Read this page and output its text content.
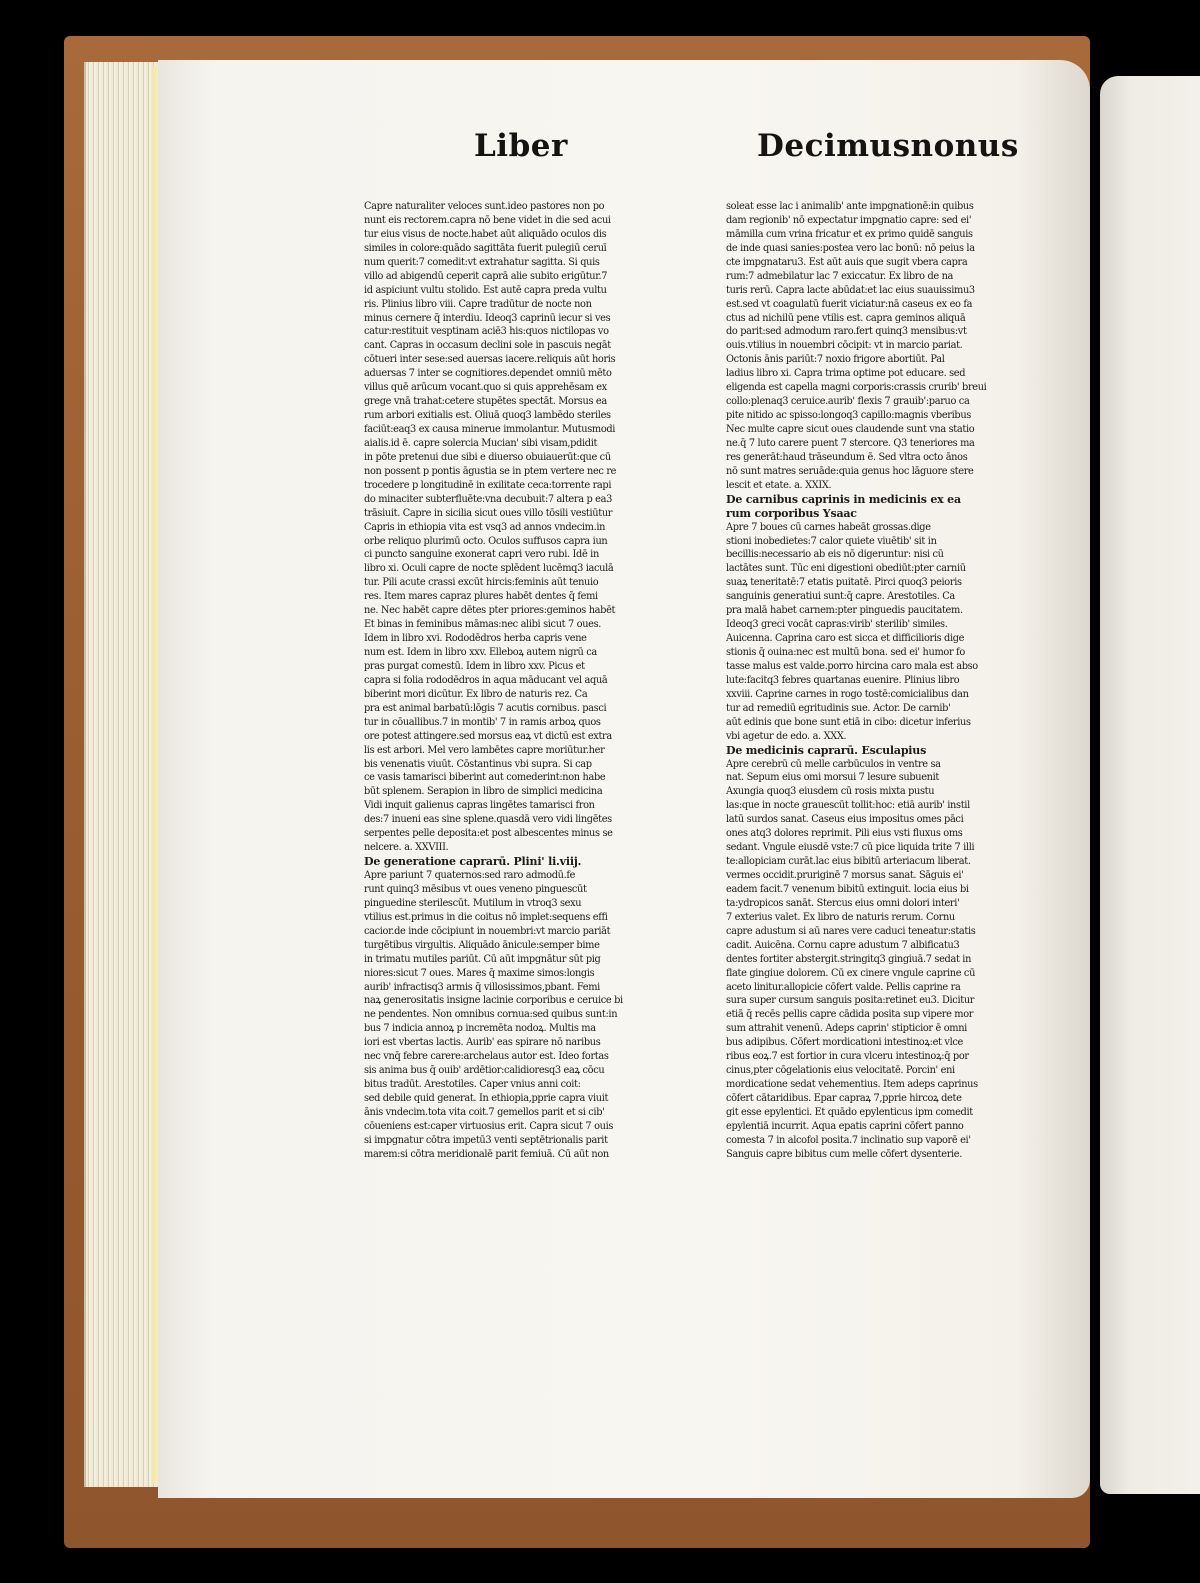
Liber	Decimusnonus
Capre naturaliter veloces sunt.ideo pastores non po
nunt eis rectorem.capra nō bene videt in die sed acui
tur eius visus de nocte.habet aūt aliquādo oculos dis
similes in colore:quādo sagittāta fuerit pulegiū ceruī
num querit:7 comedit:vt extrahatur sagitta. Si quis
villo ad abigendū ceperit caprā alie subito erigūtur.7
id aspiciunt vultu stolido. Est autē capra preda vultu
ris. Plinius libro viii. Capre tradūtur de nocte non
minus cernere q̄ interdiu. Ideoq3 caprinū iecur si ves
catur:restituit vesptinam aciē3 his:quos nictilopas vo
cant. Capras in occasum declini sole in pascuis negāt
cōtueri inter sese:sed auersas iacere.reliquis aūt horis
aduersas 7 inter se cognitiores.dependet omniū mēto
villus quē arūcum vocant.quo si quis apprehēsam ex
grege vnā trahat:cetere stupētes spectāt. Morsus ea
rum arbori exitialis est. Oliuā quoq3 lambēdo steriles
faciūt:eaq3 ex causa minerue immolantur. Mutusmodi
aialis.id ē. capre solercia Mucian' sibi visam,pdidit
in pōte pretenui due sibi e diuerso obuiauerūt:que cū
non possent p pontis āgustia se in ptem vertere nec re
trocedere p longitudinē in exilitate ceca:torrente rapi
do minaciter subterfluēte:vna decubuit:7 altera p ea3
trāsiuit. Capre in sicilia sicut oues villo tōsili vestiūtur
Capris in ethiopia vita est vsq3 ad annos vndecim.in
orbe reliquo plurimū octo. Oculos suffusos capra iun
ci puncto sanguine exonerat capri vero rubi. Idē in
libro xi. Oculi capre de nocte splēdent lucēmq3 iaculā
tur. Pili acute crassi excūt hircis:feminis aūt tenuio
res. Item mares capraz plures habēt dentes q̄ femi
ne. Nec habēt capre dētes pter priores:geminos habēt
Et binas in feminibus māmas:nec alibi sicut 7 oues.
Idem in libro xvi. Rododēdros herba capris vene
num est. Idem in libro xxv. Elleboꝝ autem nigrū ca
pras purgat comestū. Idem in libro xxv. Picus et
capra si folia rododēdros in aqua māducant vel aquā
biberint mori dicūtur. Ex libro de naturis rez. Ca
pra est animal barbatū:lōgis 7 acutis cornibus. pasci
tur in cōuallibus.7 in montib' 7 in ramis arboꝝ quos
ore potest attingere.sed morsus eaꝝ vt dictū est extra
lis est arbori. Mel vero lambētes capre moriūtur.her
bis venenatis viuūt. Cōstantinus vbi supra. Si cap
ce vasis tamarisci biberint aut comederint:non habe
būt splenem. Serapion in libro de simplici medicina
Vidi inquit galienus capras lingētes tamarisci fron
des:7 inueni eas sine splene.quasdā vero vidi lingētes
serpentes pelle deposita:et post albescentes minus se
nelcere. a. XXVIII.
De generatione caprarū. Plini' li.viij.
Apre pariunt 7 quaternos:sed raro admodū.fe
runt quinq3 mēsibus vt oues veneno pinguescūt
pinguedine sterilescūt. Mutilum in vtroq3 sexu
vtilius est.primus in die coitus nō implet:sequens effi
cacior.de inde cōcipiunt in nouembri:vt marcio pariāt
turgētibus virgultis. Aliquādo ānicule:semper bime
in trimatu mutiles pariūt. Cū aūt impgnātur sūt pig
niores:sicut 7 oues. Mares q̄ maxime simos:longis
aurib' infractisq3 armis q̄ villosissimos,pbant. Femi
naꝝ generositatis insigne lacinie corporibus e ceruice bi
ne pendentes. Non omnibus cornua:sed quibus sunt:in
bus 7 indicia annoꝝ p incremēta nodoꝝ. Multis ma
iori est vbertas lactis. Aurib' eas spirare nō naribus
nec vnq̄ febre carere:archelaus autor est. Ideo fortas
sis anima bus q̄ ouib' ardētior:calidioresq3 eaꝝ cōcu
bitus tradūt. Arestotiles. Caper vnius anni coit:
sed debile quid generat. In ethiopia,pprie capra viuit
ānis vndecim.tota vita coit.7 gemellos parit et si cib'
cōueniens est:caper virtuosius erit. Capra sicut 7 ouis
si impgnatur cōtra impetū3 venti septētrionalis parit
marem:si cōtra meridionalē parit femiuā. Cū aūt non
soleat esse lac i animalib' ante impgnationē:in quibus
dam regionib' nō expectatur impgnatio capre: sed ei'
māmilla cum vrina fricatur et ex primo quidē sanguis
de inde quasi sanies:postea vero lac bonū: nō peius la
cte impgnataru3. Est aūt auis que sugit vbera capra
rum:7 admebilatur lac 7 exiccatur. Ex libro de na
turis rerū. Capra lacte abūdat:et lac eius suauissimu3
est.sed vt coagulatū fuerit viciatur:nā caseus ex eo fa
ctus ad nichilū pene vtilis est. capra geminos aliquā
do parit:sed admodum raro.fert quinq3 mensibus:vt
ouis.vtilius in nouembri cōcipit: vt in marcio pariat.
Octonis ānis pariūt:7 noxio frigore abortiūt. Pal
ladius libro xi. Capra trima optime pot educare. sed
eligenda est capella magni corporis:crassis crurib' breui
collo:plenaq3 ceruice.aurib' flexis 7 grauib':paruo ca
pite nitido ac spisso:longoq3 capillo:magnis vberibus
Nec multe capre sicut oues claudende sunt vna statio
ne.q̄ 7 luto carere puent 7 stercore. Q3 teneriores ma
res generāt:haud trāseundum ē. Sed vltra octo ānos
nō sunt matres seruāde:quia genus hoc lāguore stere
lescit et etate. a. XXIX.
De carnibus caprinis in medicinis ex ea
rum corporibus Ysaac
Apre 7 boues cū carnes habeāt grossas.dige
stioni inobedietes:7 calor quiete viuētib' sit in
becillis:necessario ab eis nō digeruntur: nisi cū
lactātes sunt. Tūc eni digestioni obediūt:pter carniū
suaꝝ teneritatē:7 etatis puitatē. Pirci quoq3 peioris
sanguinis generatiui sunt:q̄ capre. Arestotiles. Ca
pra malā habet carnem:pter pinguedis paucitatem.
Ideoq3 greci vocāt capras:virib' sterilib' similes.
Auicenna. Caprina caro est sicca et difficilioris dige
stionis q̄ ouina:nec est multū bona. sed ei' humor fo
tasse malus est valde.porro hircina caro mala est abso
lute:facitq3 febres quartanas euenire. Plinius libro
xxviii. Caprine carnes in rogo tostē:comicialibus dan
tur ad remediū egritudinis sue. Actor. De carnib'
aūt edinis que bone sunt etiā in cibo: dicetur inferius
vbi agetur de edo. a. XXX.
De medicinis caprarū. Esculapius
Apre cerebrū cū melle carbūculos in ventre sa
nat. Sepum eius omi morsui 7 lesure subuenit
Axungia quoq3 eiusdem cū rosis mixta pustu
las:que in nocte grauescūt tollit:hoc: etiā aurib' instil
latū surdos sanat. Caseus eius impositus omes pāci
ones atq3 dolores reprimit. Pili eius vsti fluxus oms
sedant. Vngule eiusdē vste:7 cū pice liquida trite 7 illi
te:allopiciam curāt.lac eius bibitū arteriacum liberat.
vermes occidit.pruriginē 7 morsus sanat. Sāguis ei'
eadem facit.7 venenum bibitū extinguit. locia eius bi
ta:ydropicos sanāt. Stercus eius omni dolori interi'
7 exterius valet. Ex libro de naturis rerum. Cornu
capre adustum si aū nares vere caduci teneatur:statis
cadit. Auicēna. Cornu capre adustum 7 albificatu3
dentes fortiter abstergit.stringitq3 gingiuā.7 sedat in
flate gingiue dolorem. Cū ex cinere vngule caprine cū
aceto linitur.allopicie cōfert valde. Pellis caprine ra
sura super cursum sanguis posita:retinet eu3. Dicitur
etiā q̄ recēs pellis capre cādida posita sup vipere mor
sum attrahit venenū. Adeps caprin' stipticior ē omni
bus adipibus. Cōfert mordicationi intestinoꝝ:et vlce
ribus eoꝝ.7 est fortior in cura vlceru intestinoꝝ:q̄ por
cinus,pter cōgelationis eius velocitatē. Porcin' eni
mordicatione sedat vehementius. Item adeps caprinus
cōfert cātaridibus. Epar capraꝝ 7,pprie hircoꝝ dete
git esse epylentici. Et quādo epylenticus ipm comedit
epylentiā incurrit. Aqua epatis caprini cōfert panno
comesta 7 in alcofol posita.7 inclinatio sup vaporē ei'
Sanguis capre bibitus cum melle cōfert dysenterie.
